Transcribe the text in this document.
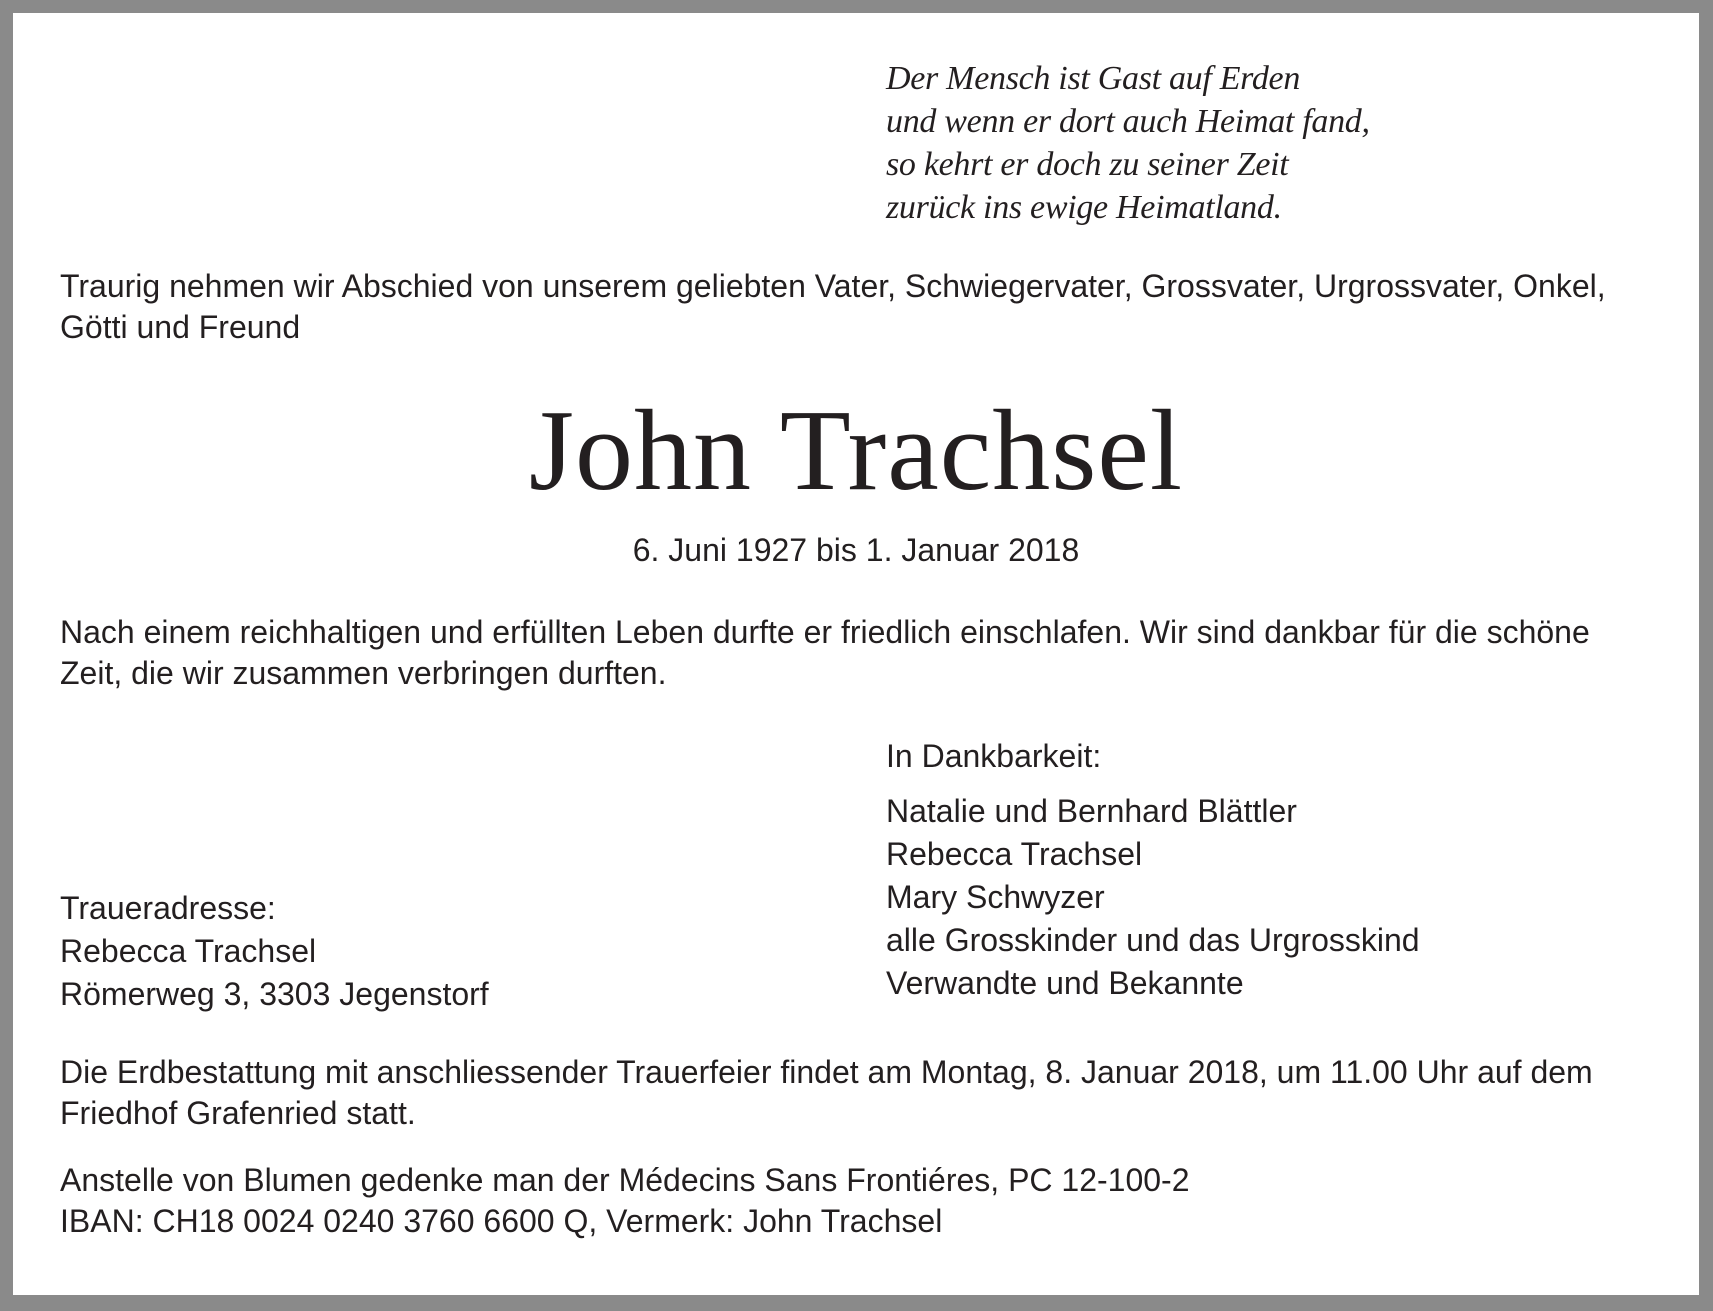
Der Mensch ist Gast auf Erden
und wenn er dort auch Heimat fand,
so kehrt er doch zu seiner Zeit
zurück ins ewige Heimatland.
Traurig nehmen wir Abschied von unserem geliebten Vater, Schwiegervater, Grossvater, Urgrossvater, Onkel,
Götti und Freund
John Trachsel
6. Juni 1927 bis 1. Januar 2018
Nach einem reichhaltigen und erfüllten Leben durfte er friedlich einschlafen. Wir sind dankbar für die schöne
Zeit, die wir zusammen verbringen durften.
In Dankbarkeit:
Natalie und Bernhard Blättler
Rebecca Trachsel
Mary Schwyzer
alle Grosskinder und das Urgrosskind
Verwandte und Bekannte
Traueradresse:
Rebecca Trachsel
Römerweg 3, 3303 Jegenstorf
Die Erdbestattung mit anschliessender Trauerfeier findet am Montag, 8. Januar 2018, um 11.00 Uhr auf dem
Friedhof Grafenried statt.
Anstelle von Blumen gedenke man der Médecins Sans Frontiéres, PC 12-100-2
IBAN: CH18 0024 0240 3760 6600 Q, Vermerk: John Trachsel
